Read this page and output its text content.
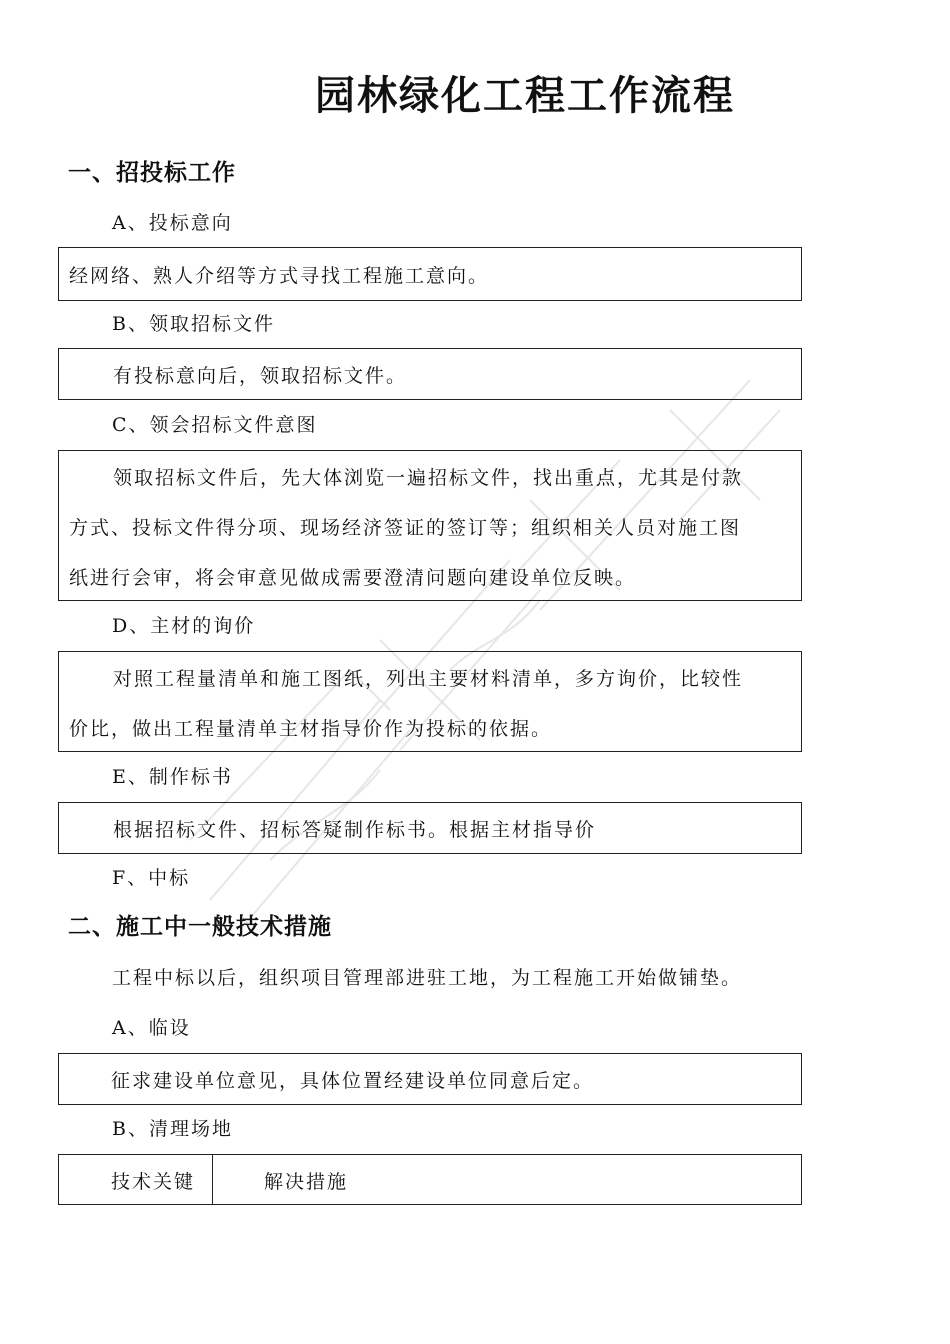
园林绿化工程工作流程
一、招投标工作
A、投标意向
经网络、熟人介绍等方式寻找工程施工意向。
B、领取招标文件
有投标意向后，领取招标文件。
C、领会招标文件意图
领取招标文件后，先大体浏览一遍招标文件，找出重点，尤其是付款
方式、投标文件得分项、现场经济签证的签订等；组织相关人员对施工图
纸进行会审，将会审意见做成需要澄清问题向建设单位反映。
D、主材的询价
对照工程量清单和施工图纸，列出主要材料清单，多方询价，比较性
价比，做出工程量清单主材指导价作为投标的依据。
E、制作标书
根据招标文件、招标答疑制作标书。根据主材指导价
F、中标
二、施工中一般技术措施
工程中标以后，组织项目管理部进驻工地，为工程施工开始做铺垫。
A、临设
征求建设单位意见，具体位置经建设单位同意后定。
B、清理场地
技术关键	解决措施
